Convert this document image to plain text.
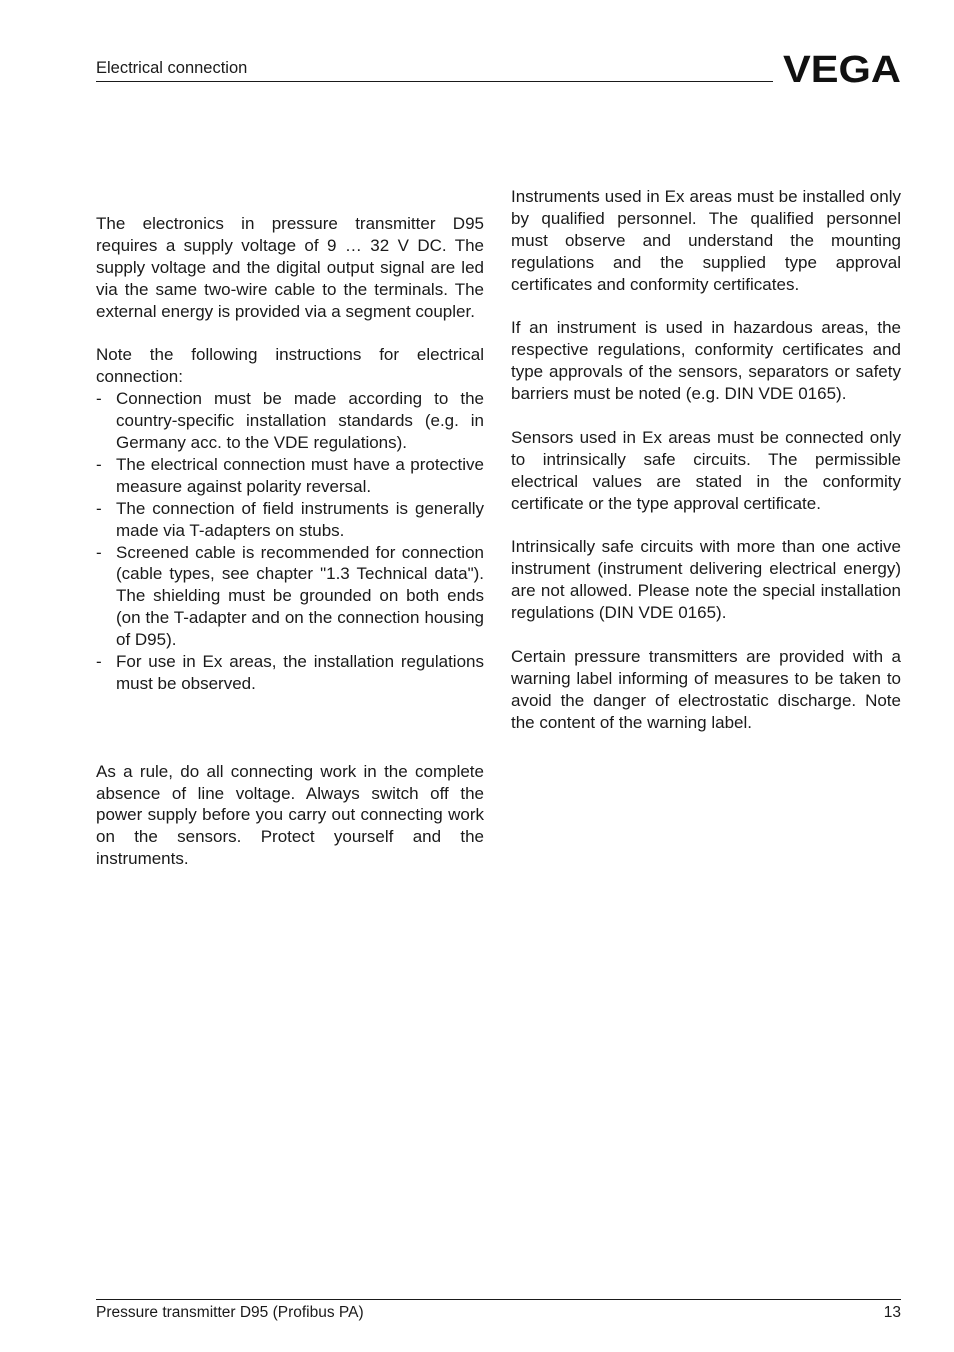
Electrical connection	VEGA

The electronics in pressure transmitter D95 requires a supply voltage of 9 … 32 V DC. The supply voltage and the digital output signal are led via the same two-wire cable to the terminals. The external energy is provided via a segment coupler.

Note the following instructions for electrical connection:

- Connection must be made according to the country-specific installation standards (e.g. in Germany acc. to the VDE regulations).
- The electrical connection must have a protective measure against polarity reversal.
- The connection of field instruments is generally made via T-adapters on stubs.
- Screened cable is recommended for connection (cable types, see chapter "1.3 Technical data"). The shielding must be grounded on both ends (on the T-adapter and on the connection housing of D95).
- For use in Ex areas, the installation regulations must be observed.

As a rule, do all connecting work in the complete absence of line voltage. Always switch off the power supply before you carry out connecting work on the sensors. Protect yourself and the instruments.

Instruments used in Ex areas must be installed only by qualified personnel. The qualified personnel must observe and understand the mounting regulations and the supplied type approval certificates and conformity certificates.

If an instrument is used in hazardous areas, the respective regulations, conformity certificates and type approvals of the sensors, separators or safety barriers must be noted (e.g. DIN VDE 0165).

Sensors used in Ex areas must be connected only to intrinsically safe circuits. The permissible electrical values are stated in the conformity certificate or the type approval certificate.

Intrinsically safe circuits with more than one active instrument (instrument delivering electrical energy) are not allowed. Please note the special installation regulations (DIN VDE 0165).

Certain pressure transmitters are provided with a warning label informing of measures to be taken to avoid the danger of electrostatic discharge. Note the content of the warning label.

Pressure transmitter D95 (Profibus PA)	13
